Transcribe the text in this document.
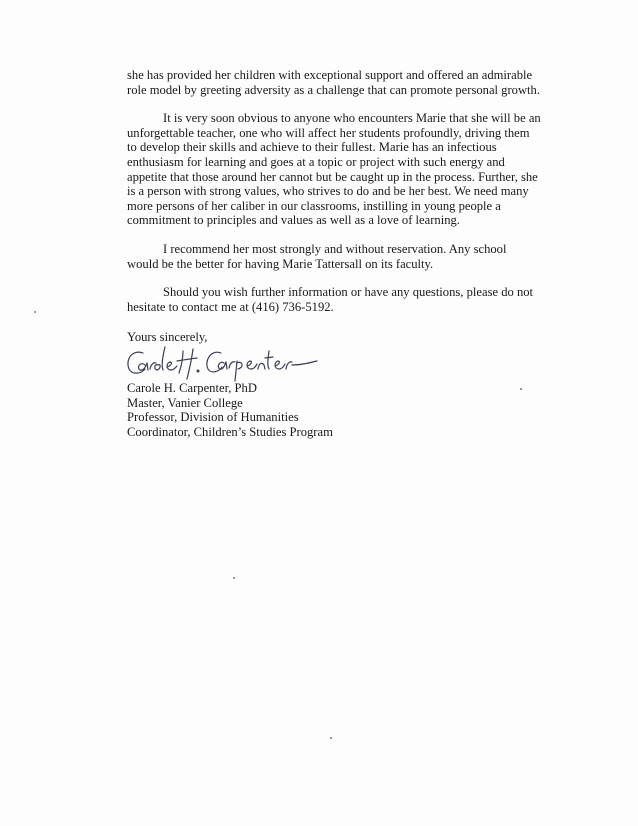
she has provided her children with exceptional support and offered an admirable
role model by greeting adversity as a challenge that can promote personal growth.

It is very soon obvious to anyone who encounters Marie that she will be an
unforgettable teacher, one who will affect her students profoundly, driving them
to develop their skills and achieve to their fullest. Marie has an infectious
enthusiasm for learning and goes at a topic or project with such energy and
appetite that those around her cannot but be caught up in the process. Further, she
is a person with strong values, who strives to do and be her best. We need many
more persons of her caliber in our classrooms, instilling in young people a
commitment to principles and values as well as a love of learning.

I recommend her most strongly and without reservation. Any school
would be the better for having Marie Tattersall on its faculty.

Should you wish further information or have any questions, please do not
hesitate to contact me at (416) 736-5192.

Yours sincerely,

Carole H. Carpenter, PhD
Master, Vanier College
Professor, Division of Humanities
Coordinator, Children’s Studies Program
